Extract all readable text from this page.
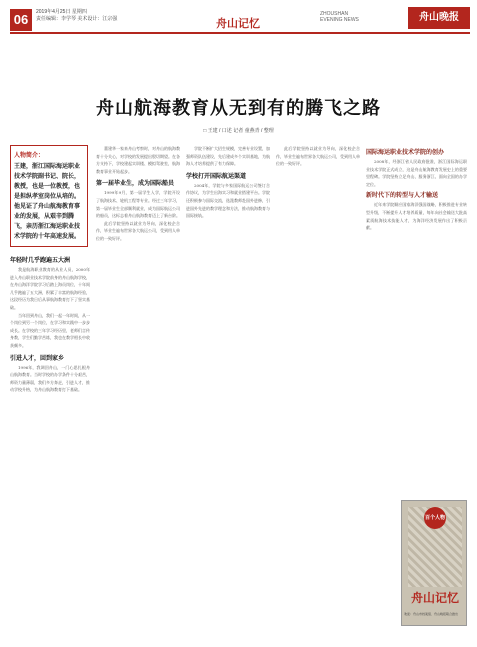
06	2019年4月25日 星期四
责任编辑：李学琴 美术设计：江宗强	舟山记忆
ZHOUSHAN
EVENING NEWS	舟山晚报
舟山航海教育从无到有的腾飞之路
□ 王建 / 口述 记者 童燕青 / 整理
人物简介：
王建，浙江国际海运职业技术学院副书记、院长，教授，也是一位教授，也是担纵孝室岗位从培的。他见证了舟山航海教育事业的发展，从艰辛到腾飞，亲历浙江海运职业技术学院的十年高速发展。
年轻时几乎跑遍五大洲

我是航海职业教育的从业人员，2000年进入舟山职业技术学院前身的舟山航海学校，在舟山海洋学院学习后踏上海员岗位，十年间几乎跑遍了五大洲，积累了丰富的航海经验，这段经历为我日后从事航海教育打下了坚实基础。

当年回到舟山，我们一起一年时间，从一个岗位到另一个岗位，在学习和实践中一步步成长。在学校的三年学习经历里，老师们言传身教，学生们勤学苦练，我也在教学相长中收获颇多。

引进人才，回到家乡

1996年，我调回舟山，一门心思扎根舟山航海教育。当时学校的办学条件十分艰苦，师资力量薄弱，我们多方奔走，引进人才，推动学校升格，为舟山航海教育打下基础。

董建华一家来舟山考察时，对舟山的航海教育十分关心，对学校的发展提出殷切期望。在各方支持下，学校建起实训楼、模拟驾驶室，航海教育事业开始起步。

第一届毕业生，成为国际船员

1999年9月，第一届学生入学，学院开设了航海技术、轮机工程等专业。经过三年学习，第一届毕业生全部顺利就业，成为国际航运公司的船员，这标志着舟山航海教育迈上了新台阶。

此后学院坚持以就业为导向，深化校企合作，毕业生遍布世界各大航运公司，受到用人单位的一致好评。

学院不断扩大招生规模，完善专业设置，加强师资队伍建设，先后建成多个实训基地，为航海人才培养提供了有力保障。

学校打开国际航运渠道

2004年，学院与多家国际航运公司签订合作协议，为学生出海实习和就业搭建平台。学院还积极参与国际交流，选派教师赴国外进修，引进国外先进的教学理念和方法，推动航海教育与国际接轨。

此后学院坚持以就业为导向，深化校企合作，毕业生遍布世界各大航运公司，受到用人单位的一致好评。

国际海运职业技术学院的创办

2008年，经浙江省人民政府批准，浙江国际海运职业技术学院正式成立，这是舟山航海教育发展史上的重要里程碑。学院坚持立足舟山、服务浙江、面向全国的办学定位。

新时代下的转型与人才输送

近年来学院顺应国家海洋强国战略，积极推进专业转型升级，不断提升人才培养质量，每年向社会输送大批高素质航海技术技能人才，为海洋经济发展作出了积极贡献。

百个人物
舟山记忆
欢迎：舟山市档案馆、舟山晚报联合推出
